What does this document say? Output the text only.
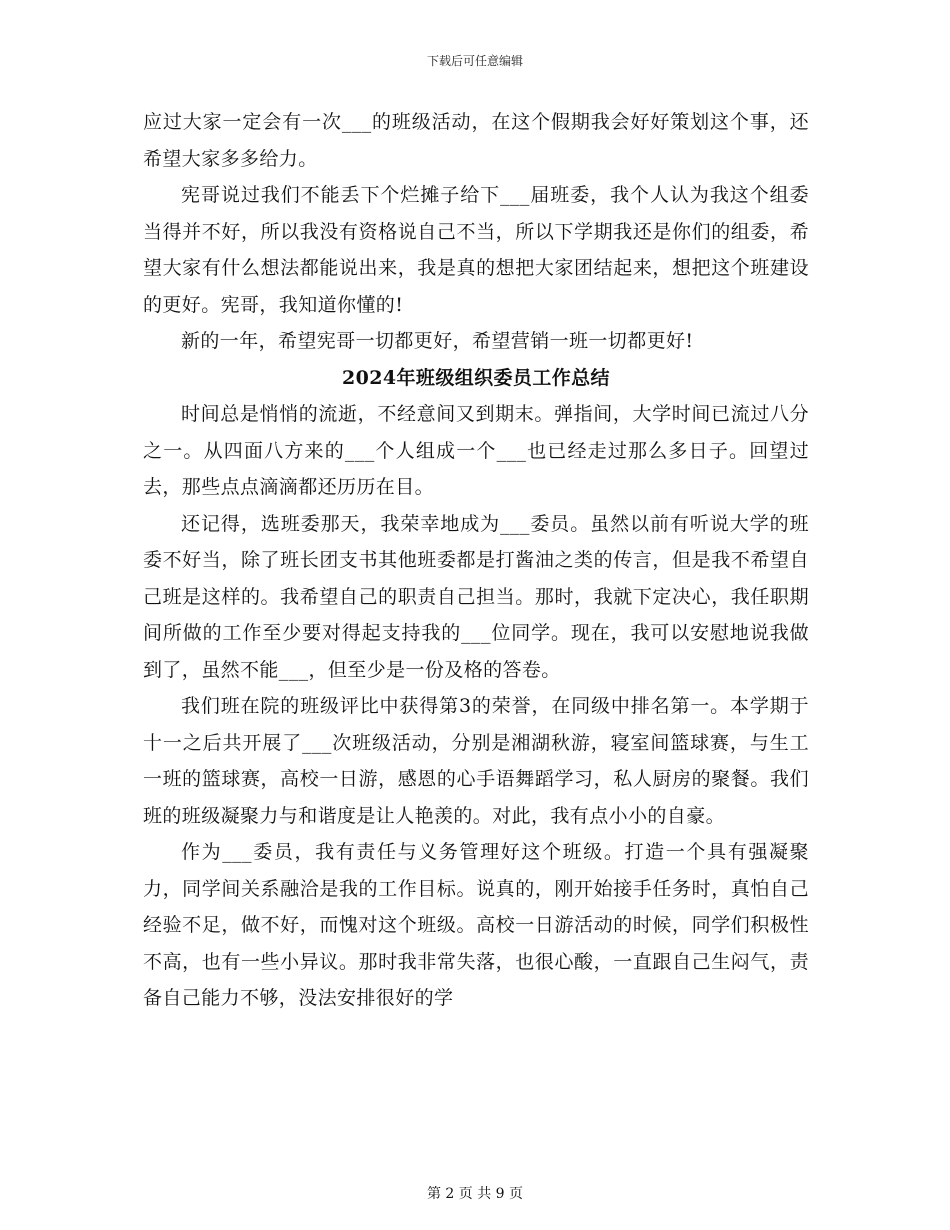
下载后可任意编辑

应过大家一定会有一次___的班级活动，在这个假期我会好好策划这个事，还希望大家多多给力。

宪哥说过我们不能丢下个烂摊子给下___届班委，我个人认为我这个组委当得并不好，所以我没有资格说自己不当，所以下学期我还是你们的组委，希望大家有什么想法都能说出来，我是真的想把大家团结起来，想把这个班建设的更好。宪哥，我知道你懂的!

新的一年，希望宪哥一切都更好，希望营销一班一切都更好!

2024年班级组织委员工作总结

时间总是悄悄的流逝，不经意间又到期末。弹指间，大学时间已流过八分之一。从四面八方来的___个人组成一个___也已经走过那么多日子。回望过去，那些点点滴滴都还历历在目。

还记得，选班委那天，我荣幸地成为___委员。虽然以前有听说大学的班委不好当，除了班长团支书其他班委都是打酱油之类的传言，但是我不希望自己班是这样的。我希望自己的职责自己担当。那时，我就下定决心，我任职期间所做的工作至少要对得起支持我的___位同学。现在，我可以安慰地说我做到了，虽然不能___，但至少是一份及格的答卷。

我们班在院的班级评比中获得第3的荣誉，在同级中排名第一。本学期于十一之后共开展了___次班级活动，分别是湘湖秋游，寝室间篮球赛，与生工一班的篮球赛，高校一日游，感恩的心手语舞蹈学习，私人厨房的聚餐。我们班的班级凝聚力与和谐度是让人艳羡的。对此，我有点小小的自豪。

作为___委员，我有责任与义务管理好这个班级。打造一个具有强凝聚力，同学间关系融洽是我的工作目标。说真的，刚开始接手任务时，真怕自己经验不足，做不好，而愧对这个班级。高校一日游活动的时候，同学们积极性不高，也有一些小异议。那时我非常失落，也很心酸，一直跟自己生闷气，责备自己能力不够，没法安排很好的学

第 2 页 共 9 页
